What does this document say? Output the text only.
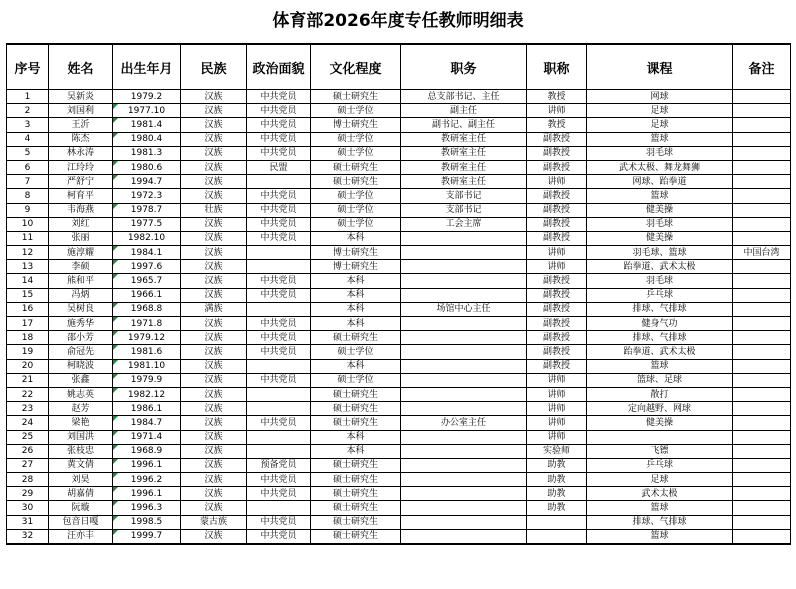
体育部2026年度专任教师明细表
序号	姓名	出生年月	民族	政治面貌	文化程度	职务	职称	课程	备注
1	吴新炎	1979.2	汉族	中共党员	硕士研究生	总支部书记、主任	教授	网球	
2	刘国利	1977.10	汉族	中共党员	硕士学位	副主任	讲师	足球	
3	王沂	1981.4	汉族	中共党员	博士研究生	副书记、副主任	教授	足球	
4	陈杰	1980.4	汉族	中共党员	硕士学位	教研室主任	副教授	篮球	
5	林永涛	1981.3	汉族	中共党员	硕士学位	教研室主任	副教授	羽毛球	
6	江玲玲	1980.6	汉族	民盟	硕士研究生	教研室主任	副教授	武术太极、舞龙舞狮	
7	严舒宁	1994.7	汉族		硕士研究生	教研室主任	讲师	网球、跆拳道	
8	柯育平	1972.3	汉族	中共党员	硕士学位	支部书记	副教授	篮球	
9	韦海燕	1978.7	壮族	中共党员	硕士学位	支部书记	副教授	健美操	
10	刘红	1977.5	汉族	中共党员	硕士学位	工会主席	副教授	羽毛球	
11	张丽	1982.10	汉族	中共党员	本科		副教授	健美操	
12	施淳耀	1984.1	汉族		博士研究生		讲师	羽毛球、篮球	中国台湾
13	李硕	1997.6	汉族		博士研究生		讲师	跆拳道、武术太极	
14	熊和平	1965.7	汉族	中共党员	本科		副教授	羽毛球	
15	冯炳	1966.1	汉族	中共党员	本科		副教授	乒乓球	
16	吴树良	1968.8	满族		本科	场馆中心主任	副教授	排球、气排球	
17	施秀华	1971.8	汉族	中共党员	本科		副教授	健身气功	
18	邵小芳	1979.12	汉族	中共党员	硕士研究生		副教授	排球、气排球	
19	俞冠先	1981.6	汉族	中共党员	硕士学位		副教授	跆拳道、武术太极	
20	柯晓波	1981.10	汉族		本科		副教授	篮球	
21	张鑫	1979.9	汉族	中共党员	硕士学位		讲师	篮球、足球	
22	姚志英	1982.12	汉族		硕士研究生		讲师	散打	
23	赵芳	1986.1	汉族		硕士研究生		讲师	定向越野、网球	
24	梁艳	1984.7	汉族	中共党员	硕士研究生	办公室主任	讲师	健美操	
25	刘国洪	1971.4	汉族		本科		讲师		
26	张枝忠	1968.9	汉族		本科		实验师	飞镖	
27	黄文倩	1996.1	汉族	预备党员	硕士研究生		助教	乒乓球	
28	刘昊	1996.2	汉族	中共党员	硕士研究生		助教	足球	
29	胡嘉倩	1996.1	汉族	中共党员	硕士研究生		助教	武术太极	
30	阮璇	1996.3	汉族		硕士研究生		助教	篮球	
31	包音日嘎	1998.5	蒙古族	中共党员	硕士研究生			排球、气排球	
32	汪亦丰	1999.7	汉族	中共党员	硕士研究生			篮球	
